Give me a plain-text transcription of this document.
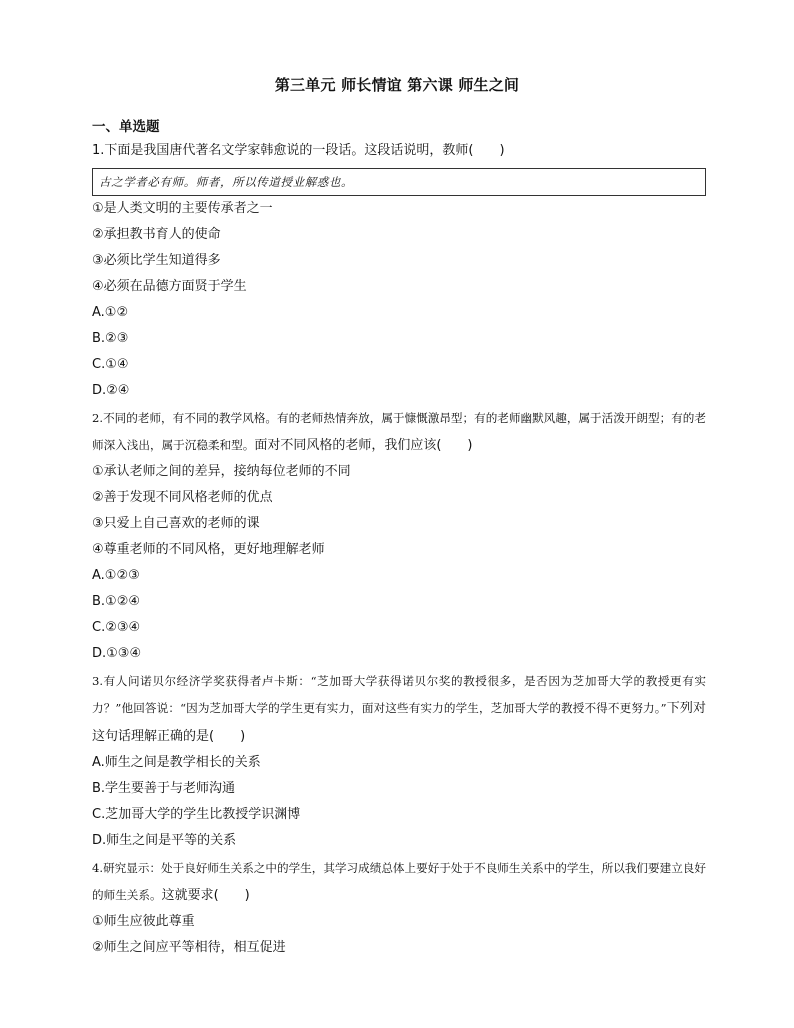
第三单元 师长情谊 第六课 师生之间
一、单选题
1.下面是我国唐代著名文学家韩愈说的一段话。这段话说明，教师(　　)
古之学者必有师。师者，所以传道授业解惑也。
①是人类文明的主要传承者之一
②承担教书育人的使命
③必须比学生知道得多
④必须在品德方面贤于学生
A.①②
B.②③
C.①④
D.②④
2.不同的老师，有不同的教学风格。有的老师热情奔放，属于慷慨激昂型；有的老师幽默风趣，属于活泼开朗型；有的老师深入浅出，属于沉稳柔和型。面对不同风格的老师，我们应该(　　)
①承认老师之间的差异，接纳每位老师的不同
②善于发现不同风格老师的优点
③只爱上自己喜欢的老师的课
④尊重老师的不同风格，更好地理解老师
A.①②③
B.①②④
C.②③④
D.①③④
3.有人问诺贝尔经济学奖获得者卢卡斯：“芝加哥大学获得诺贝尔奖的教授很多，是否因为芝加哥大学的教授更有实力？”他回答说：“因为芝加哥大学的学生更有实力，面对这些有实力的学生，芝加哥大学的教授不得不更努力。”下列对这句话理解正确的是(　　)
A.师生之间是教学相长的关系
B.学生要善于与老师沟通
C.芝加哥大学的学生比教授学识渊博
D.师生之间是平等的关系
4.研究显示：处于良好师生关系之中的学生，其学习成绩总体上要好于处于不良师生关系中的学生，所以我们要建立良好的师生关系。这就要求(　　)
①师生应彼此尊重
②师生之间应平等相待，相互促进
